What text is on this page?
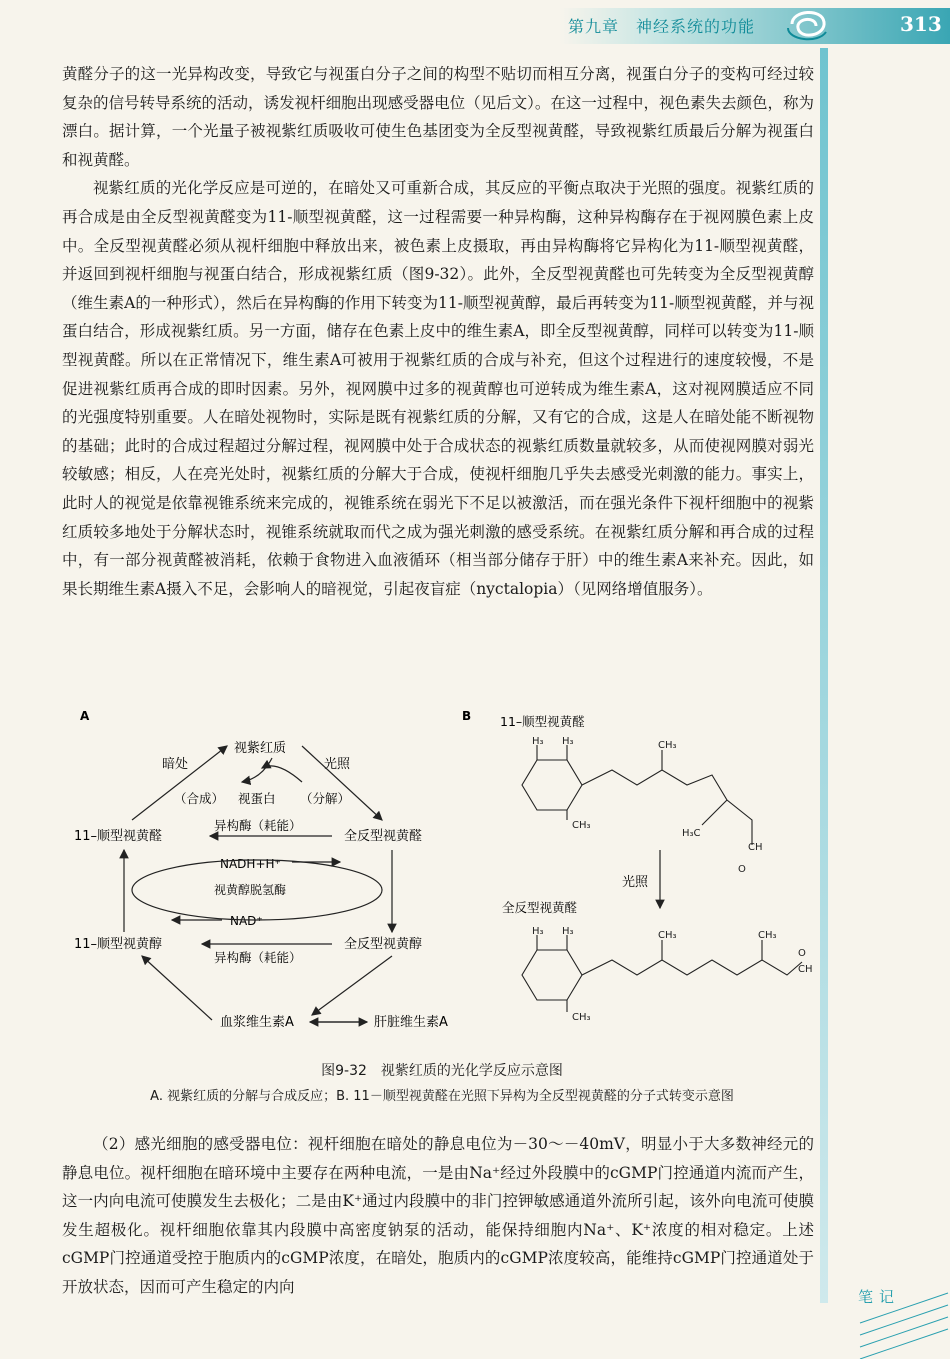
第九章　神经系统的功能	313

黄醛分子的这一光异构改变，导致它与视蛋白分子之间的构型不贴切而相互分离，视蛋白分子的变构可经过较复杂的信号转导系统的活动，诱发视杆细胞出现感受器电位（见后文）。在这一过程中，视色素失去颜色，称为漂白。据计算，一个光量子被视紫红质吸收可使生色基团变为全反型视黄醛，导致视紫红质最后分解为视蛋白和视黄醛。

视紫红质的光化学反应是可逆的，在暗处又可重新合成，其反应的平衡点取决于光照的强度。视紫红质的再合成是由全反型视黄醛变为11-顺型视黄醛，这一过程需要一种异构酶，这种异构酶存在于视网膜色素上皮中。全反型视黄醛必须从视杆细胞中释放出来，被色素上皮摄取，再由异构酶将它异构化为11-顺型视黄醛，并返回到视杆细胞与视蛋白结合，形成视紫红质（图9-32）。此外，全反型视黄醛也可先转变为全反型视黄醇（维生素A的一种形式），然后在异构酶的作用下转变为11-顺型视黄醇，最后再转变为11-顺型视黄醛，并与视蛋白结合，形成视紫红质。另一方面，储存在色素上皮中的维生素A，即全反型视黄醇，同样可以转变为11-顺型视黄醛。所以在正常情况下，维生素A可被用于视紫红质的合成与补充，但这个过程进行的速度较慢，不是促进视紫红质再合成的即时因素。另外，视网膜中过多的视黄醇也可逆转成为维生素A，这对视网膜适应不同的光强度特别重要。人在暗处视物时，实际是既有视紫红质的分解，又有它的合成，这是人在暗处能不断视物的基础；此时的合成过程超过分解过程，视网膜中处于合成状态的视紫红质数量就较多，从而使视网膜对弱光较敏感；相反，人在亮光处时，视紫红质的分解大于合成，使视杆细胞几乎失去感受光刺激的能力。事实上，此时人的视觉是依靠视锥系统来完成的，视锥系统在弱光下不足以被激活，而在强光条件下视杆细胞中的视紫红质较多地处于分解状态时，视锥系统就取而代之成为强光刺激的感受系统。在视紫红质分解和再合成的过程中，有一部分视黄醛被消耗，依赖于食物进入血液循环（相当部分储存于肝）中的维生素A来补充。因此，如果长期维生素A摄入不足，会影响人的暗视觉，引起夜盲症（nyctalopia）（见网络增值服务）。

A
视紫红质
暗处	光照
（合成） 视蛋白 （分解）
11–顺型视黄醛	全反型视黄醛
异构酶（耗能）
NADH+H⁺
视黄醇脱氢酶
NAD⁺
11–顺型视黄醇	全反型视黄醇
异构酶（耗能）
血浆维生素A	肝脏维生素A
B 11–顺型视黄醛
光照
全反型视黄醛
H₃ H₃	CH₃
H₃C
CH
O
H₃ H₃	CH₃	CH₃
O
CH
CH₃
CH₃
图9-32　视紫红质的光化学反应示意图
A. 视紫红质的分解与合成反应；B. 11－顺型视黄醛在光照下异构为全反型视黄醛的分子式转变示意图

（2）感光细胞的感受器电位：视杆细胞在暗处的静息电位为－30～－40mV，明显小于大多数神经元的静息电位。视杆细胞在暗环境中主要存在两种电流，一是由Na⁺经过外段膜中的cGMP门控通道内流而产生，这一内向电流可使膜发生去极化；二是由K⁺通过内段膜中的非门控钾敏感通道外流所引起，该外向电流可使膜发生超极化。视杆细胞依靠其内段膜中高密度钠泵的活动，能保持细胞内Na⁺、K⁺浓度的相对稳定。上述cGMP门控通道受控于胞质内的cGMP浓度，在暗处，胞质内的cGMP浓度较高，能维持cGMP门控通道处于开放状态，因而可产生稳定的内向

笔记
